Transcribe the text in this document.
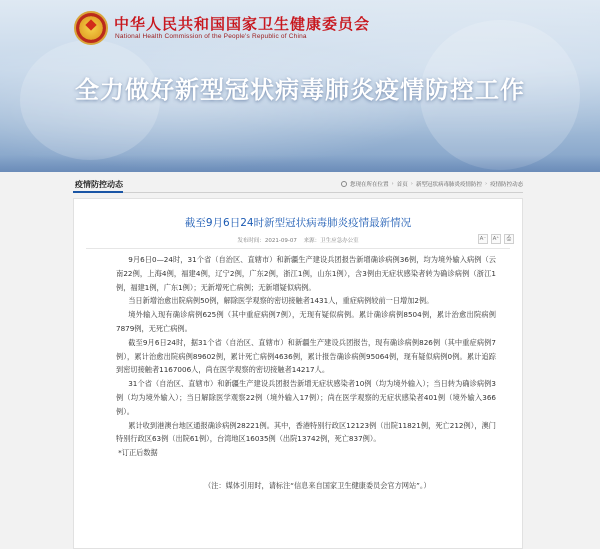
中华人民共和国国家卫生健康委员会
National Health Commission of the People's Republic of China
全力做好新型冠状病毒肺炎疫情防控工作
疫情防控动态	您现在所在位置 › 首页 › 新型冠状病毒肺炎疫情防控 › 疫情防控动态
截至9月6日24时新型冠状病毒肺炎疫情最新情况
发布时间：2021-09-07 来源：卫生应急办公室	A⁻	A⁺	⎙

9月6日0—24时，31个省（自治区、直辖市）和新疆生产建设兵团报告新增确诊病例36例，均为境外输入病例（云南22例，上海4例，福建4例，辽宁2例，广东2例，浙江1例，山东1例），含3例由无症状感染者转为确诊病例（浙江1例，福建1例，广东1例）；无新增死亡病例；无新增疑似病例。

当日新增治愈出院病例50例，解除医学观察的密切接触者1431人，重症病例较前一日增加2例。

境外输入现有确诊病例625例（其中重症病例7例），无现有疑似病例。累计确诊病例8504例，累计治愈出院病例7879例，无死亡病例。

截至9月6日24时，据31个省（自治区、直辖市）和新疆生产建设兵团报告，现有确诊病例826例（其中重症病例7例），累计治愈出院病例89602例，累计死亡病例4636例，累计报告确诊病例95064例，现有疑似病例0例。累计追踪到密切接触者1167006人，尚在医学观察的密切接触者14217人。

31个省（自治区、直辖市）和新疆生产建设兵团报告新增无症状感染者10例（均为境外输入）；当日转为确诊病例3例（均为境外输入）；当日解除医学观察22例（境外输入17例）；尚在医学观察的无症状感染者401例（境外输入366例）。

累计收到港澳台地区通报确诊病例28221例。其中，香港特别行政区12123例（出院11821例，死亡212例），澳门特别行政区63例（出院61例），台湾地区16035例（出院13742例，死亡837例）。

*订正后数据

（注：媒体引用时，请标注“信息来自国家卫生健康委员会官方网站”。）
